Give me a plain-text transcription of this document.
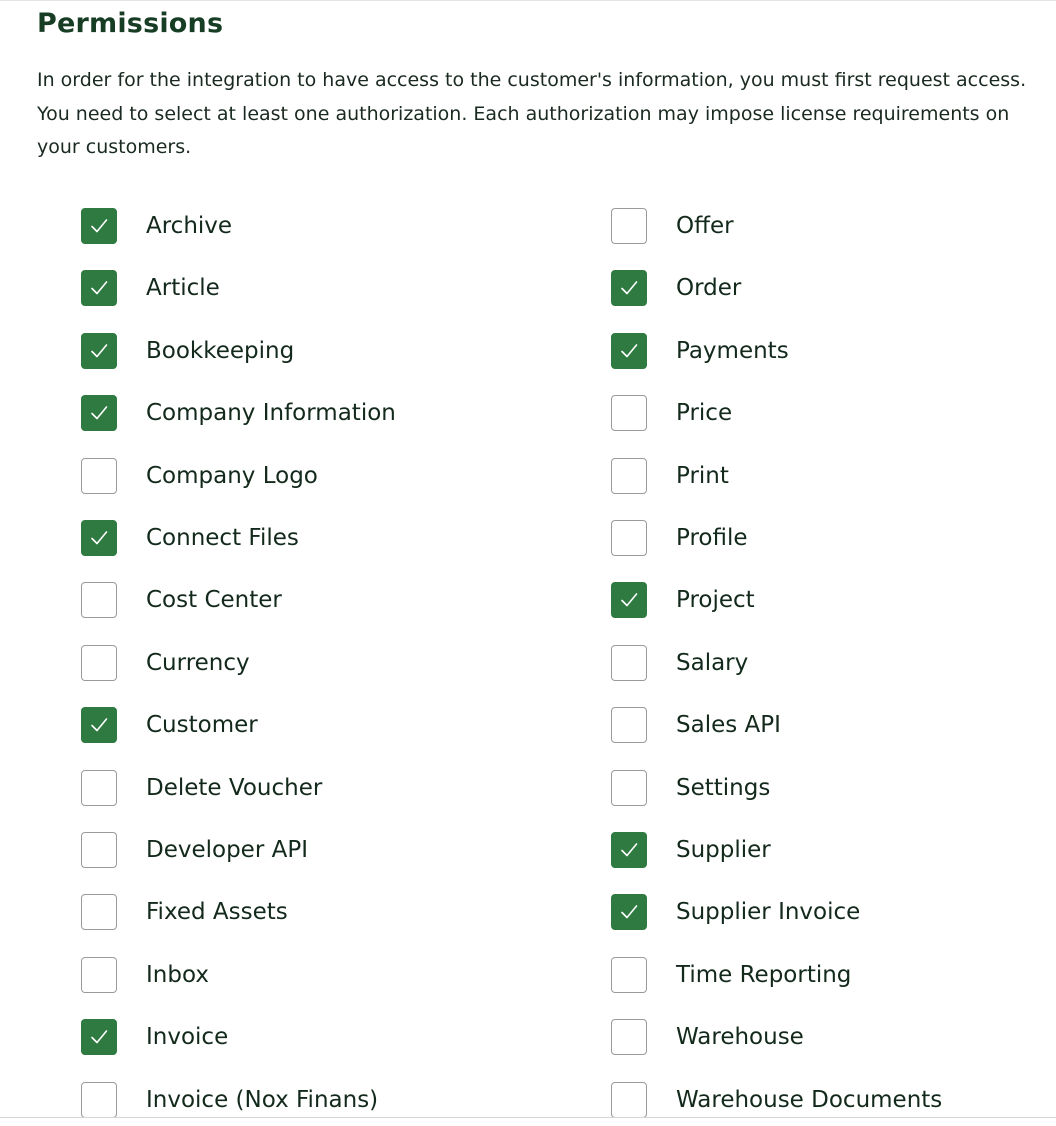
Permissions

In order for the integration to have access to the customer's information, you must first request access. You need to select at least one authorization. Each authorization may impose license requirements on your customers.

Archive
Article
Bookkeeping
Company Information
Company Logo
Connect Files
Cost Center
Currency
Customer
Delete Voucher
Developer API
Fixed Assets
Inbox
Invoice
Invoice (Nox Finans)
Offer
Order
Payments
Price
Print
Profile
Project
Salary
Sales API
Settings
Supplier
Supplier Invoice
Time Reporting
Warehouse
Warehouse Documents
